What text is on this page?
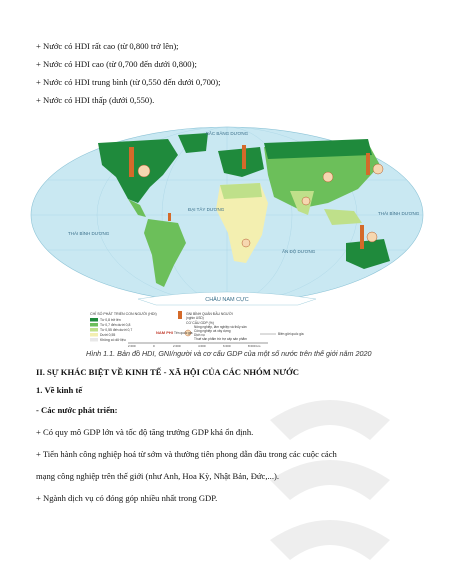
+ Nước có HDI rất cao (từ 0,800 trở lên);
+ Nước có HDI cao (từ 0,700 đến dưới 0,800);
+ Nước có HDI trung bình (từ 0,550 đến dưới 0,700);
+ Nước có HDI thấp (dưới 0,550).
CHÂU NAM CỰC
BẮC BĂNG DƯƠNG
THÁI BÌNH DƯƠNG
ĐẠI TÂY DƯƠNG
ẤN ĐỘ DƯƠNG
THÁI BÌNH DƯƠNG
CHỈ SỐ PHÁT TRIỂN CON NGƯỜI (HDI)
Từ 0,8 trở lên
Từ 0,7 đến dưới 0,8
Từ 0,55 đến dưới 0,7
Dưới 0,55
Không có dữ liệu
GNI BÌNH QUÂN ĐẦU NGƯỜI
(nghìn USD)
CƠ CẤU GDP (%)
Nông nghiệp, lâm nghiệp và thủy sản
Công nghiệp và xây dựng
Dịch vụ
Thuế sản phẩm trừ trợ cấp sản phẩm
NAM PHI Tên quốc gia	Biên giới quốc gia
2 000	0	2 000	4 000	6 000	8 000 km
Hình 1.1. Bản đồ HDI, GNI/người và cơ cấu GDP của một số nước trên thế giới năm 2020
II. SỰ KHÁC BIỆT VỀ KINH TẾ - XÃ HỘI CỦA CÁC NHÓM NƯỚC
1. Về kinh tế
- Các nước phát triển:
+ Có quy mô GDP lớn và tốc độ tăng trưởng GDP khá ổn định.
+ Tiến hành công nghiệp hoá từ sớm và thường tiên phong dẫn đầu trong các cuộc cách
mạng công nghiệp trên thế giới (như Anh, Hoa Kỳ, Nhật Bản, Đức,...).
+ Ngành dịch vụ có đóng góp nhiều nhất trong GDP.
